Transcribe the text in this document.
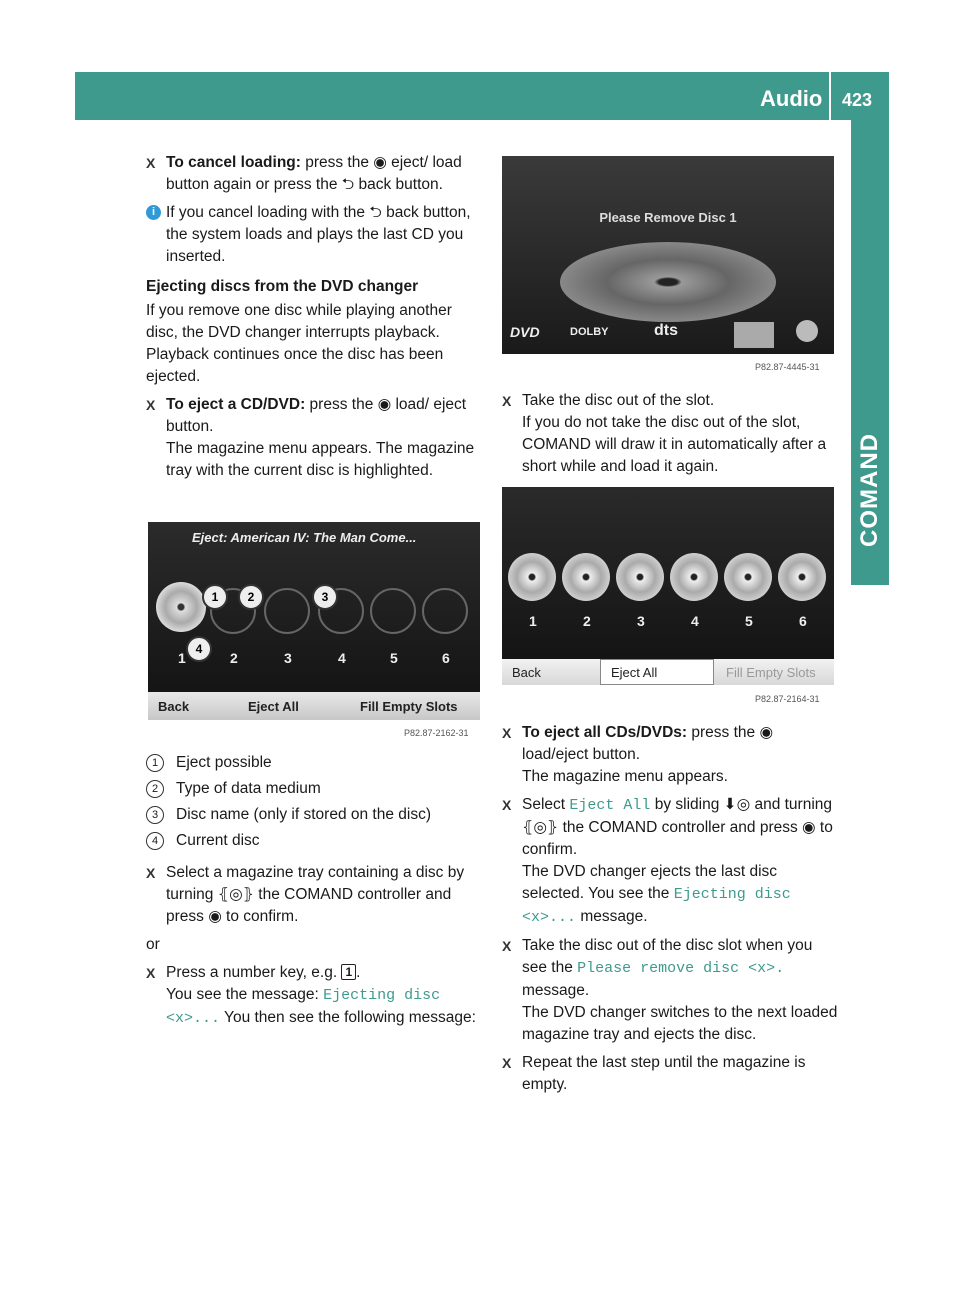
Audio 423
COMAND

X To cancel loading: press the ◉ eject/ load button again or press the ⮌ back button.

i If you cancel loading with the ⮌ back button, the system loads and plays the last CD you inserted.

Ejecting discs from the DVD changer

If you remove one disc while playing another disc, the DVD changer interrupts playback. Playback continues once the disc has been ejected.

X To eject a CD/DVD: press the ◉ load/ eject button.
The magazine menu appears. The magazine tray with the current disc is highlighted.

Eject: American IV: The Man Come...
1	2	3	4	5	6
1	2	3
4
Back	Eject All	Fill Empty Slots
P82.87-2162-31

1	Eject possible

2	Type of data medium

3	Disc name (only if stored on the disc)

4	Current disc

X Select a magazine tray containing a disc by turning ⦃◎⦄ the COMAND controller and press ◉ to confirm.

or

X Press a number key, e.g. 1 .
You see the message: Ejecting disc <x>... You then see the following message:

Please Remove Disc 1
DVD	DOLBY	dts
P82.87-4445-31

X Take the disc out of the slot.
If you do not take the disc out of the slot, COMAND will draw it in automatically after a short while and load it again.

1	2	3	4	5	6
Back	Eject All	Fill Empty Slots
P82.87-2164-31

X To eject all CDs/DVDs: press the ◉ load/eject button.
The magazine menu appears.

X Select Eject All by sliding ⬇◎ and turning ⦃◎⦄ the COMAND controller and press ◉ to confirm.
The DVD changer ejects the last disc selected. You see the Ejecting disc <x>... message.

X Take the disc out of the disc slot when you see the Please remove disc <x>. message.
The DVD changer switches to the next loaded magazine tray and ejects the disc.

X Repeat the last step until the magazine is empty.
